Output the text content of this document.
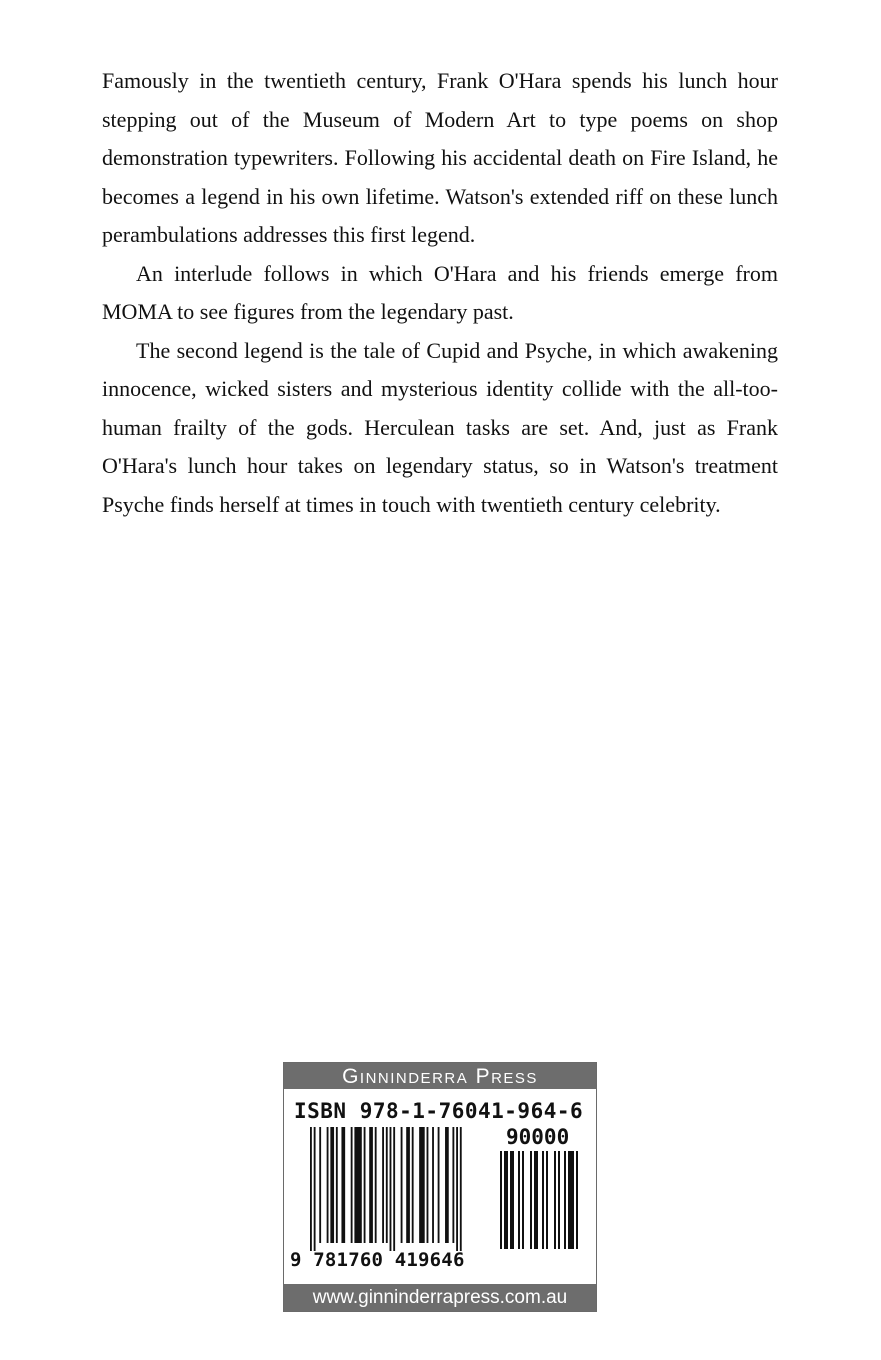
Famously in the twentieth century, Frank O'Hara spends his lunch hour stepping out of the Museum of Modern Art to type poems on shop demonstration typewriters. Following his accidental death on Fire Island, he becomes a legend in his own lifetime. Watson's extended riff on these lunch perambulations addresses this first legend.

An interlude follows in which O'Hara and his friends emerge from MOMA to see figures from the legendary past.

The second legend is the tale of Cupid and Psyche, in which awakening innocence, wicked sisters and mysterious identity collide with the all-too-human frailty of the gods. Herculean tasks are set. And, just as Frank O'Hara's lunch hour takes on legendary status, so in Watson's treatment Psyche finds herself at times in touch with twentieth century celebrity.

Ginninderra Press
ISBN 978-1-76041-964-6
90000
9 781760 419646
www.ginninderrapress.com.au
